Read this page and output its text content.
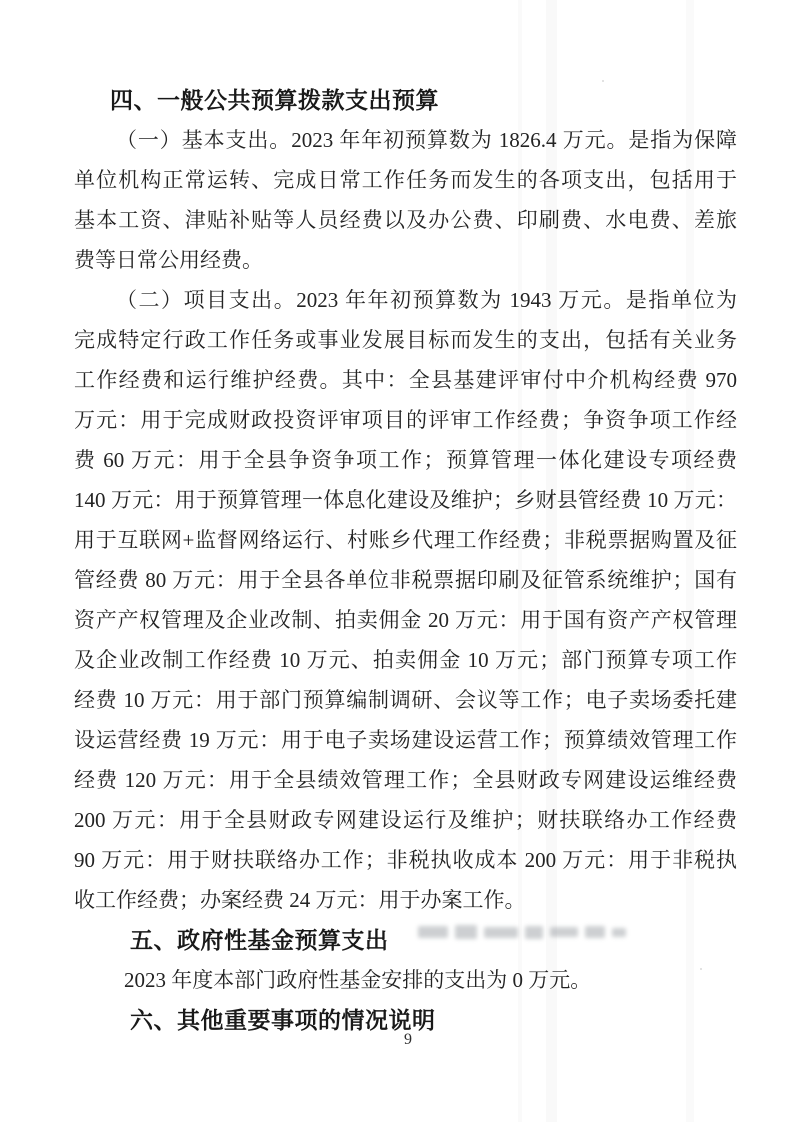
四、一般公共预算拨款支出预算
（一）基本支出。2023 年年初预算数为 1826.4 万元。是指为保障
单位机构正常运转、完成日常工作任务而发生的各项支出，包括用于
基本工资、津贴补贴等人员经费以及办公费、印刷费、水电费、差旅
费等日常公用经费。
（二）项目支出。2023 年年初预算数为 1943 万元。是指单位为
完成特定行政工作任务或事业发展目标而发生的支出，包括有关业务
工作经费和运行维护经费。其中：全县基建评审付中介机构经费 970
万元：用于完成财政投资评审项目的评审工作经费；争资争项工作经
费 60 万元：用于全县争资争项工作；预算管理一体化建设专项经费
140 万元：用于预算管理一体息化建设及维护；乡财县管经费 10 万元：
用于互联网+监督网络运行、村账乡代理工作经费；非税票据购置及征
管经费 80 万元：用于全县各单位非税票据印刷及征管系统维护；国有
资产产权管理及企业改制、拍卖佣金 20 万元：用于国有资产产权管理
及企业改制工作经费 10 万元、拍卖佣金 10 万元；部门预算专项工作
经费 10 万元：用于部门预算编制调研、会议等工作；电子卖场委托建
设运营经费 19 万元：用于电子卖场建设运营工作；预算绩效管理工作
经费 120 万元：用于全县绩效管理工作；全县财政专网建设运维经费
200 万元：用于全县财政专网建设运行及维护；财扶联络办工作经费
90 万元：用于财扶联络办工作；非税执收成本 200 万元：用于非税执
收工作经费；办案经费 24 万元：用于办案工作。
五、政府性基金预算支出
2023 年度本部门政府性基金安排的支出为 0 万元。
六、其他重要事项的情况说明
9
